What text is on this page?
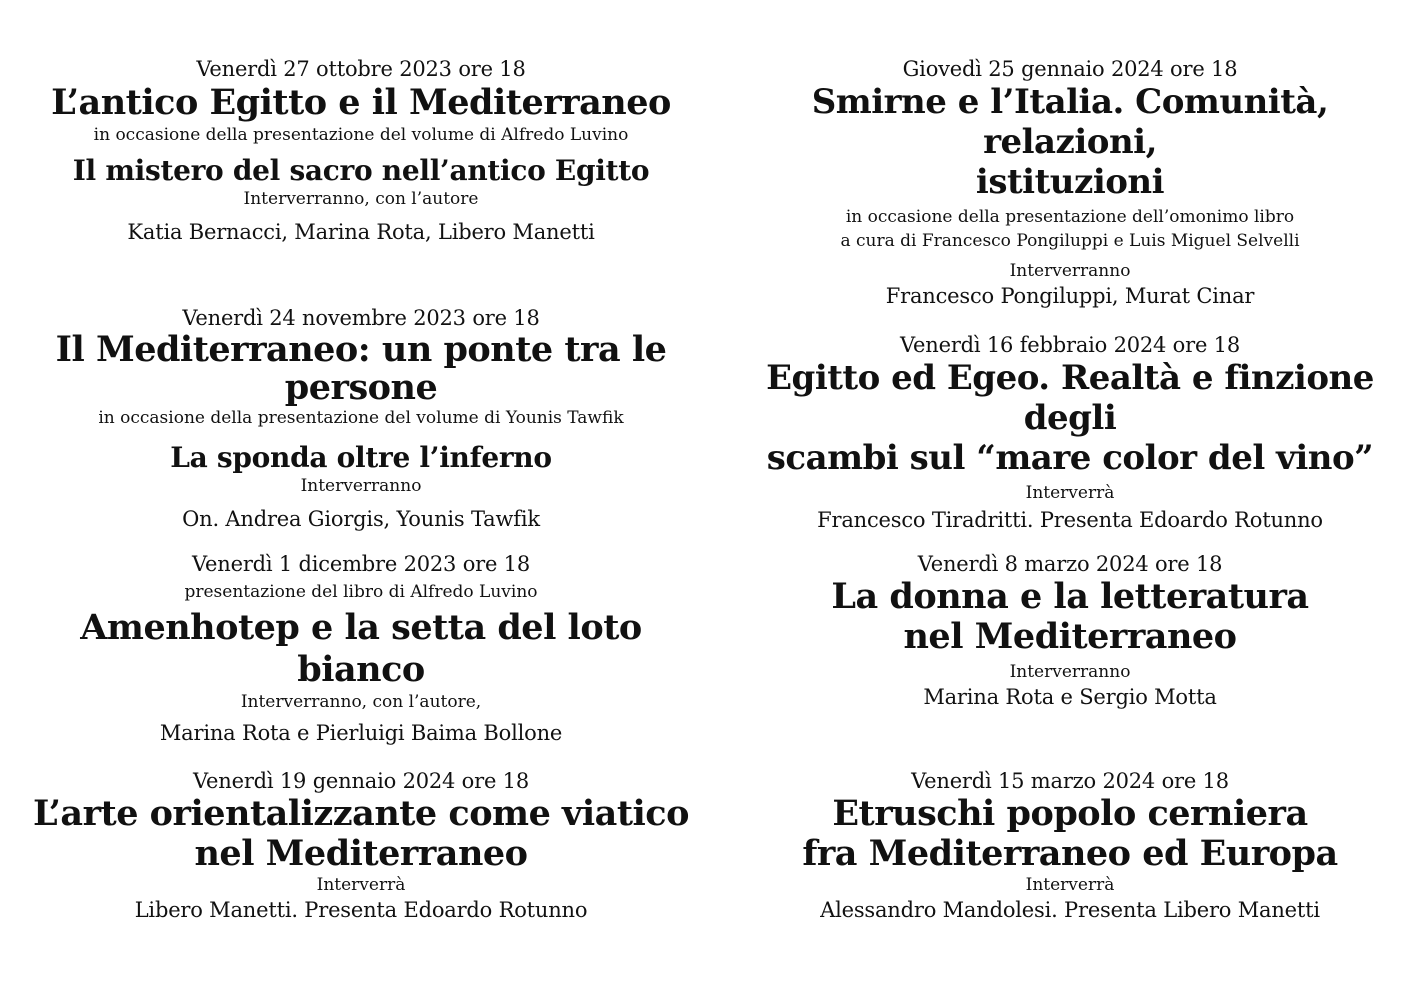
Venerdì 27 ottobre 2023 ore 18
L’antico Egitto e il Mediterraneo
in occasione della presentazione del volume di Alfredo Luvino
Il mistero del sacro nell’antico Egitto
Interverranno, con l’autore
Katia Bernacci, Marina Rota, Libero Manetti
Venerdì 24 novembre 2023 ore 18
Il Mediterraneo: un ponte tra le persone
in occasione della presentazione del volume di Younis Tawfik
La sponda oltre l’inferno
Interverranno
On. Andrea Giorgis, Younis Tawfik
Venerdì 1 dicembre 2023 ore 18
presentazione del libro di Alfredo Luvino
Amenhotep e la setta del loto bianco
Interverranno, con l’autore,
Marina Rota e Pierluigi Baima Bollone
Venerdì 19 gennaio 2024 ore 18
L’arte orientalizzante come viatico
nel Mediterraneo
Interverrà
Libero Manetti. Presenta Edoardo Rotunno
Giovedì 25 gennaio 2024 ore 18
Smirne e l’Italia. Comunità, relazioni,
istituzioni
in occasione della presentazione dell’omonimo libro
a cura di Francesco Pongiluppi e Luis Miguel Selvelli
Interverranno
Francesco Pongiluppi, Murat Cinar
Venerdì 16 febbraio 2024 ore 18
Egitto ed Egeo. Realtà e finzione degli
scambi sul “mare color del vino”
Interverrà
Francesco Tiradritti. Presenta Edoardo Rotunno
Venerdì 8 marzo 2024 ore 18
La donna e la letteratura
nel Mediterraneo
Interverranno
Marina Rota e Sergio Motta
Venerdì 15 marzo 2024 ore 18
Etruschi popolo cerniera
fra Mediterraneo ed Europa
Interverrà
Alessandro Mandolesi. Presenta Libero Manetti
